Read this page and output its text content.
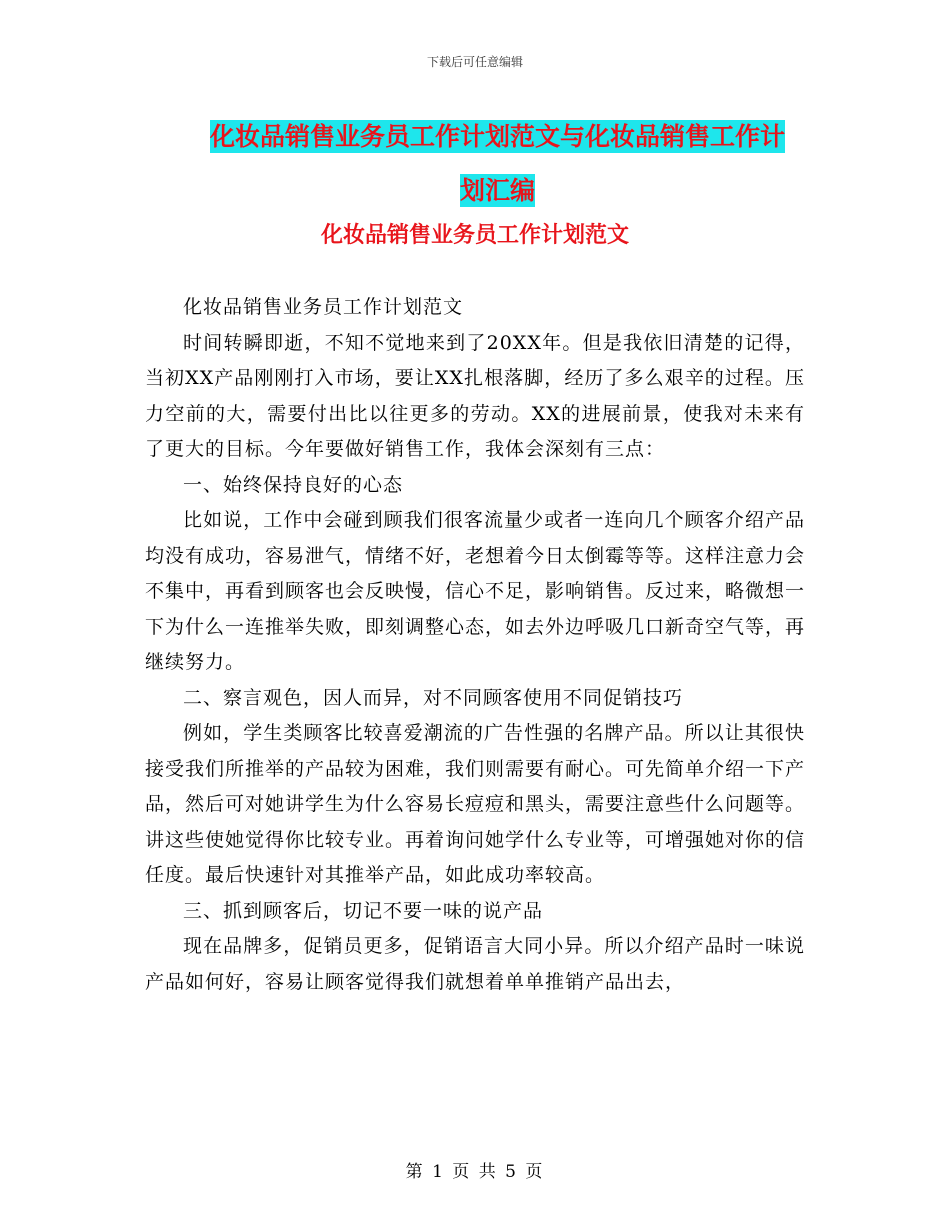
下载后可任意编辑
化妆品销售业务员工作计划范文与化妆品销售工作计
划汇编
化妆品销售业务员工作计划范文

化妆品销售业务员工作计划范文

时间转瞬即逝，不知不觉地来到了20XX年。但是我依旧清楚的记得，当初XX产品刚刚打入市场，要让XX扎根落脚，经历了多么艰辛的过程。压力空前的大，需要付出比以往更多的劳动。XX的进展前景，使我对未来有了更大的目标。今年要做好销售工作，我体会深刻有三点：

一、始终保持良好的心态

比如说，工作中会碰到顾我们很客流量少或者一连向几个顾客介绍产品均没有成功，容易泄气，情绪不好，老想着今日太倒霉等等。这样注意力会不集中，再看到顾客也会反映慢，信心不足，影响销售。反过来，略微想一下为什么一连推举失败，即刻调整心态，如去外边呼吸几口新奇空气等，再继续努力。

二、察言观色，因人而异，对不同顾客使用不同促销技巧

例如，学生类顾客比较喜爱潮流的广告性强的名牌产品。所以让其很快接受我们所推举的产品较为困难，我们则需要有耐心。可先简单介绍一下产品，然后可对她讲学生为什么容易长痘痘和黑头，需要注意些什么问题等。讲这些使她觉得你比较专业。再着询问她学什么专业等，可增强她对你的信任度。最后快速针对其推举产品，如此成功率较高。

三、抓到顾客后，切记不要一味的说产品

现在品牌多，促销员更多，促销语言大同小异。所以介绍产品时一味说产品如何好，容易让顾客觉得我们就想着单单推销产品出去，

第 1 页 共 5 页
